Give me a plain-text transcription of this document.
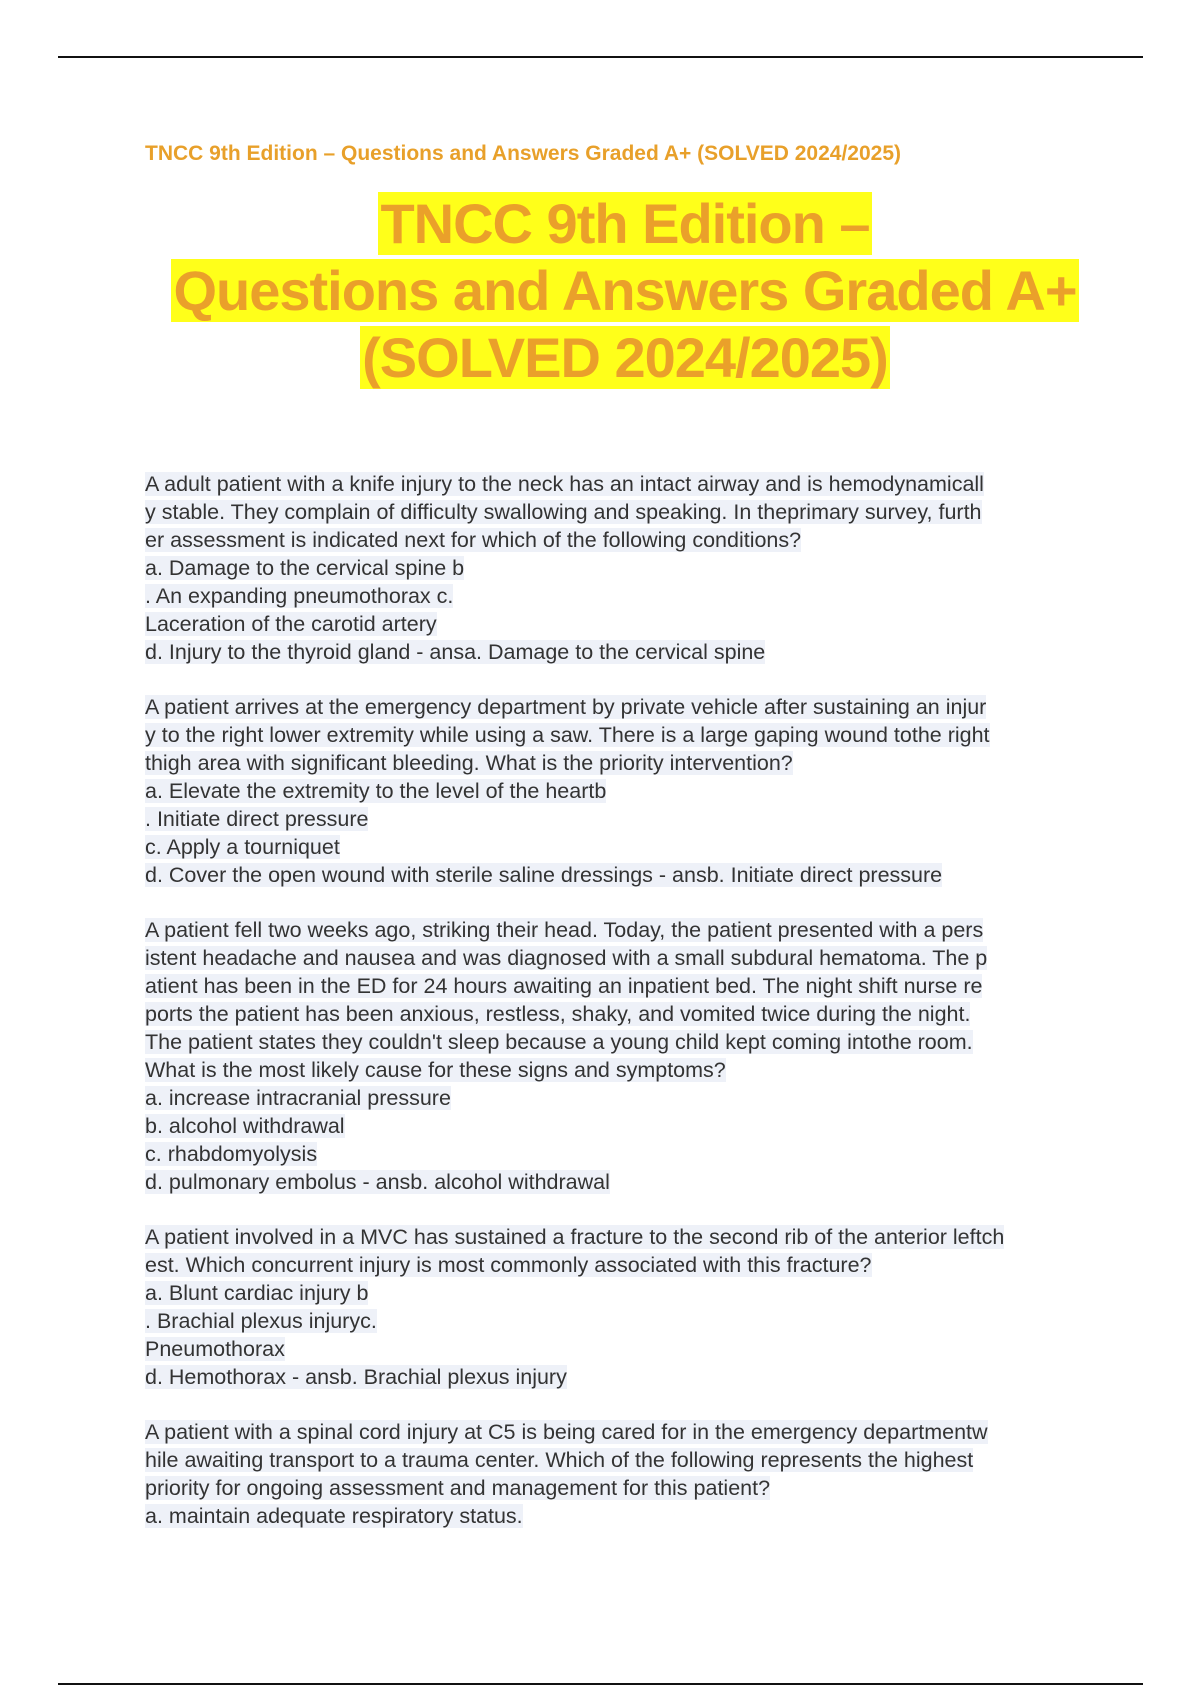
TNCC 9th Edition – Questions and Answers Graded A+ (SOLVED 2024/2025)
TNCC 9th Edition –
Questions and Answers Graded A+
(SOLVED 2024/2025)
A adult patient with a knife injury to the neck has an intact airway and is hemodynamicall
y stable. They complain of difficulty swallowing and speaking. In theprimary survey, furth
er assessment is indicated next for which of the following conditions?
a. Damage to the cervical spine b
. An expanding pneumothorax c.
Laceration of the carotid artery
d. Injury to the thyroid gland - ansa. Damage to the cervical spine
A patient arrives at the emergency department by private vehicle after sustaining an injur
y to the right lower extremity while using a saw. There is a large gaping wound tothe right
thigh area with significant bleeding. What is the priority intervention?
a. Elevate the extremity to the level of the heartb
. Initiate direct pressure
c. Apply a tourniquet
d. Cover the open wound with sterile saline dressings - ansb. Initiate direct pressure
A patient fell two weeks ago, striking their head. Today, the patient presented with a pers
istent headache and nausea and was diagnosed with a small subdural hematoma. The p
atient has been in the ED for 24 hours awaiting an inpatient bed. The night shift nurse re
ports the patient has been anxious, restless, shaky, and vomited twice during the night.
The patient states they couldn't sleep because a young child kept coming intothe room.
What is the most likely cause for these signs and symptoms?
a. increase intracranial pressure
b. alcohol withdrawal
c. rhabdomyolysis
d. pulmonary embolus - ansb. alcohol withdrawal
A patient involved in a MVC has sustained a fracture to the second rib of the anterior leftch
est. Which concurrent injury is most commonly associated with this fracture?
a. Blunt cardiac injury b
. Brachial plexus injuryc.
Pneumothorax
d. Hemothorax - ansb. Brachial plexus injury
A patient with a spinal cord injury at C5 is being cared for in the emergency departmentw
hile awaiting transport to a trauma center. Which of the following represents the highest
priority for ongoing assessment and management for this patient?
a. maintain adequate respiratory status.
